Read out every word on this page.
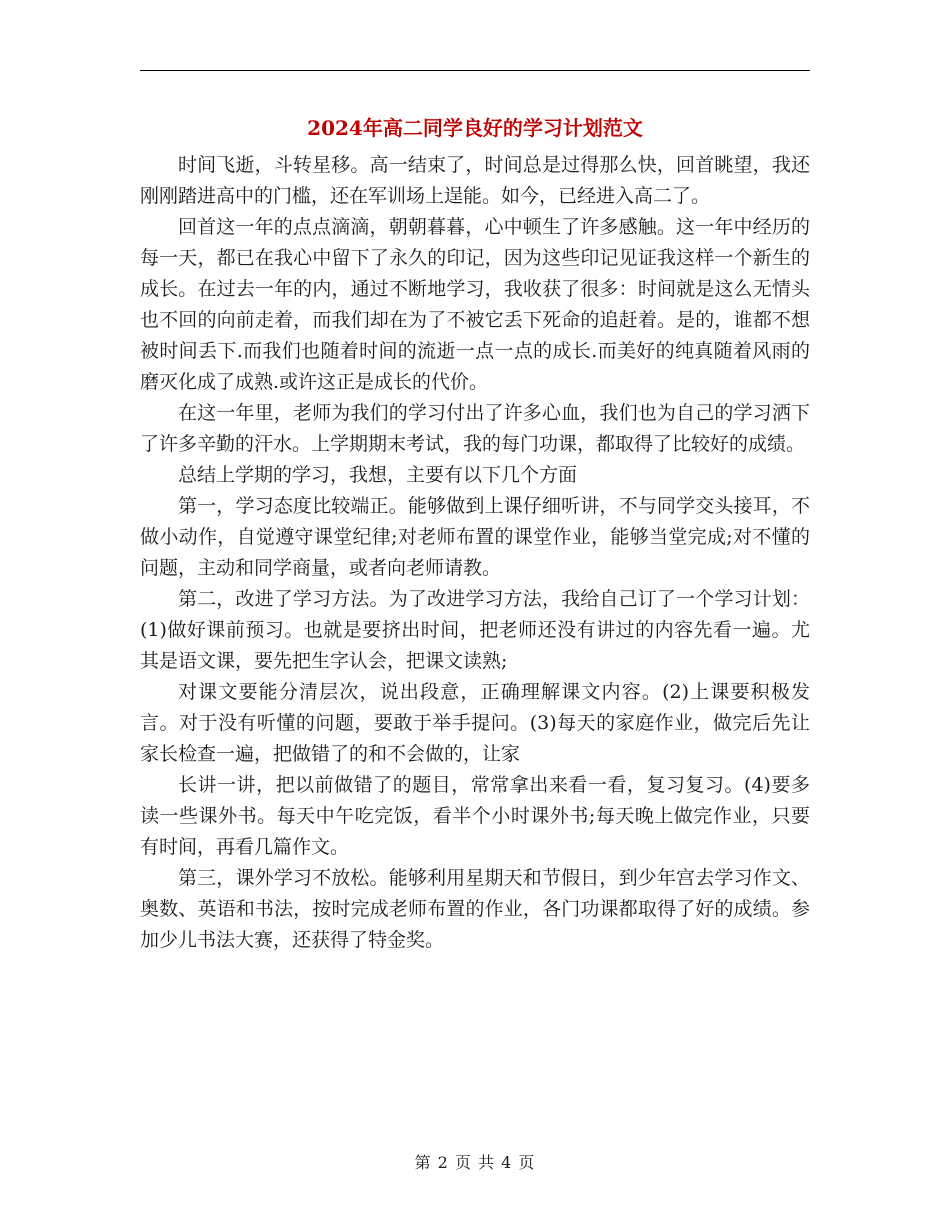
2024年高二同学良好的学习计划范文

时间飞逝，斗转星移。高一结束了，时间总是过得那么快，回首眺望，我还刚刚踏进高中的门槛，还在军训场上逞能。如今，已经进入高二了。

回首这一年的点点滴滴，朝朝暮暮，心中顿生了许多感触。这一年中经历的每一天，都已在我心中留下了永久的印记，因为这些印记见证我这样一个新生的成长。在过去一年的内，通过不断地学习，我收获了很多：时间就是这么无情头也不回的向前走着，而我们却在为了不被它丢下死命的追赶着。是的，谁都不想被时间丢下.而我们也随着时间的流逝一点一点的成长.而美好的纯真随着风雨的磨灭化成了成熟.或许这正是成长的代价。

在这一年里，老师为我们的学习付出了许多心血，我们也为自己的学习洒下了许多辛勤的汗水。上学期期末考试，我的每门功课，都取得了比较好的成绩。

总结上学期的学习，我想，主要有以下几个方面

第一，学习态度比较端正。能够做到上课仔细听讲，不与同学交头接耳，不做小动作，自觉遵守课堂纪律;对老师布置的课堂作业，能够当堂完成;对不懂的问题，主动和同学商量，或者向老师请教。

第二，改进了学习方法。为了改进学习方法，我给自己订了一个学习计划：(1)做好课前预习。也就是要挤出时间，把老师还没有讲过的内容先看一遍。尤其是语文课，要先把生字认会，把课文读熟;

对课文要能分清层次，说出段意，正确理解课文内容。(2)上课要积极发言。对于没有听懂的问题，要敢于举手提问。(3)每天的家庭作业，做完后先让家长检查一遍，把做错了的和不会做的，让家

长讲一讲，把以前做错了的题目，常常拿出来看一看，复习复习。(4)要多读一些课外书。每天中午吃完饭，看半个小时课外书;每天晚上做完作业，只要有时间，再看几篇作文。

第三，课外学习不放松。能够利用星期天和节假日，到少年宫去学习作文、奥数、英语和书法，按时完成老师布置的作业，各门功课都取得了好的成绩。参加少儿书法大赛，还获得了特金奖。

第 2 页 共 4 页
